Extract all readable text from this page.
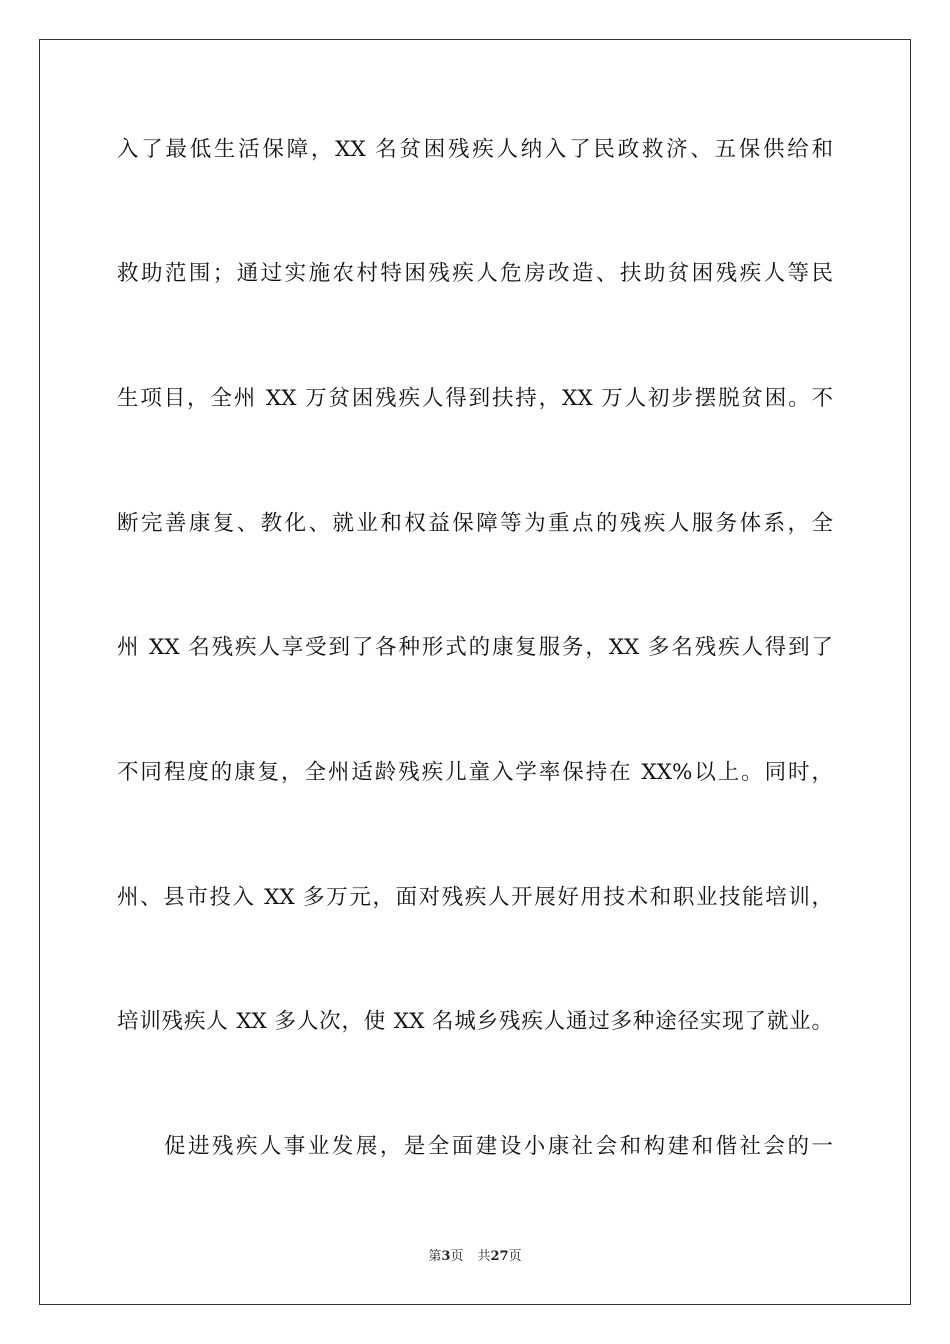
入了最低生活保障，XX 名贫困残疾人纳入了民政救济、五保供给和
救助范围；通过实施农村特困残疾人危房改造、扶助贫困残疾人等民
生项目，全州 XX 万贫困残疾人得到扶持，XX 万人初步摆脱贫困。不
断完善康复、教化、就业和权益保障等为重点的残疾人服务体系，全
州 XX 名残疾人享受到了各种形式的康复服务，XX 多名残疾人得到了
不同程度的康复，全州适龄残疾儿童入学率保持在 XX%以上。同时，
州、县市投入 XX 多万元，面对残疾人开展好用技术和职业技能培训，
培训残疾人 XX 多人次，使 XX 名城乡残疾人通过多种途径实现了就业。
促进残疾人事业发展，是全面建设小康社会和构建和偕社会的一
第3页 共27页
